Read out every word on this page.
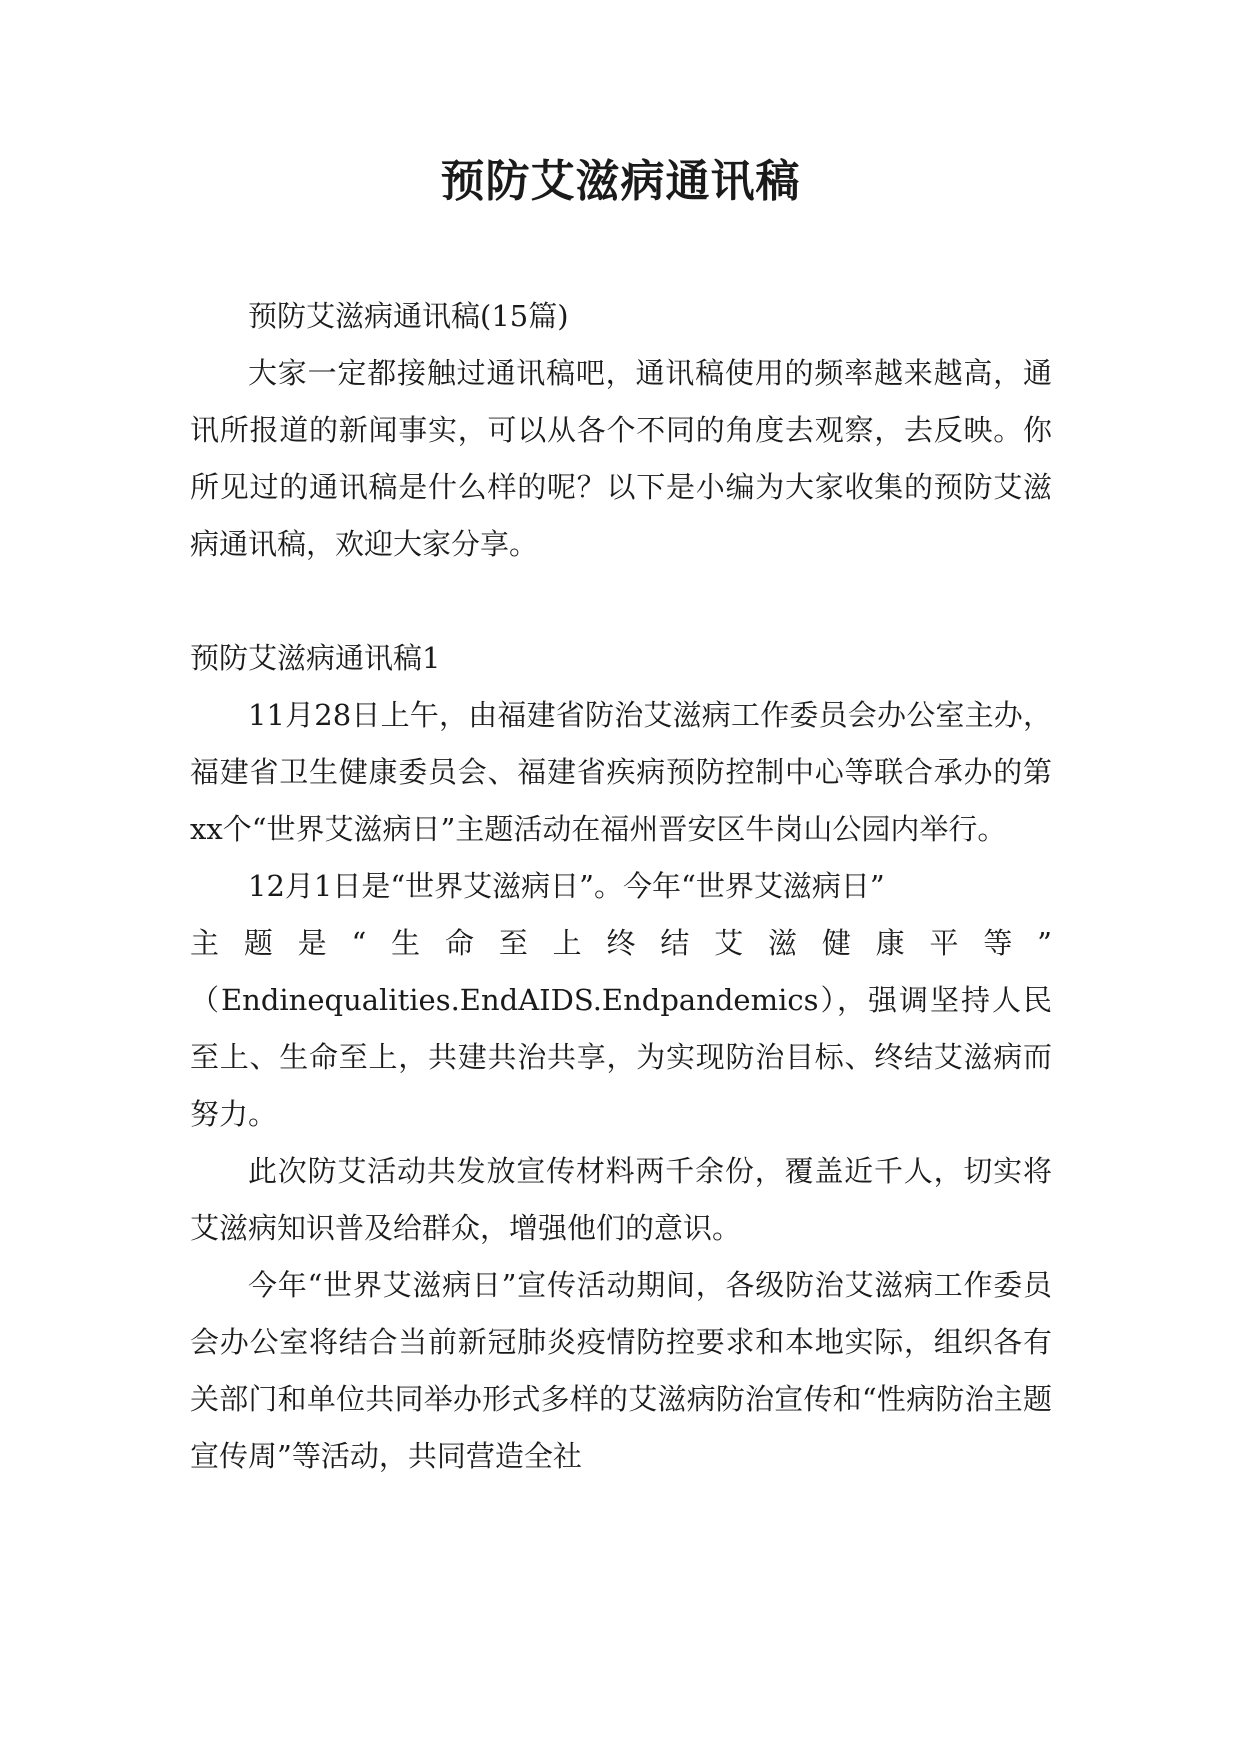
预防艾滋病通讯稿

预防艾滋病通讯稿(15篇)

大家一定都接触过通讯稿吧，通讯稿使用的频率越来越高，通讯所报道的新闻事实，可以从各个不同的角度去观察，去反映。你所见过的通讯稿是什么样的呢？以下是小编为大家收集的预防艾滋病通讯稿，欢迎大家分享。

预防艾滋病通讯稿1

11月28日上午，由福建省防治艾滋病工作委员会办公室主办，福建省卫生健康委员会、福建省疾病预防控制中心等联合承办的第xx个“世界艾滋病日”主题活动在福州晋安区牛岗山公园内举行。

12月1日是“世界艾滋病日”。今年“世界艾滋病日”

主题是“生命至上终结艾滋健康平等”

（Endinequalities.EndAIDS.Endpandemics），强调坚持人民至上、生命至上，共建共治共享，为实现防治目标、终结艾滋病而努力。

此次防艾活动共发放宣传材料两千余份，覆盖近千人，切实将艾滋病知识普及给群众，增强他们的意识。

今年“世界艾滋病日”宣传活动期间，各级防治艾滋病工作委员会办公室将结合当前新冠肺炎疫情防控要求和本地实际，组织各有关部门和单位共同举办形式多样的艾滋病防治宣传和“性病防治主题宣传周”等活动，共同营造全社
